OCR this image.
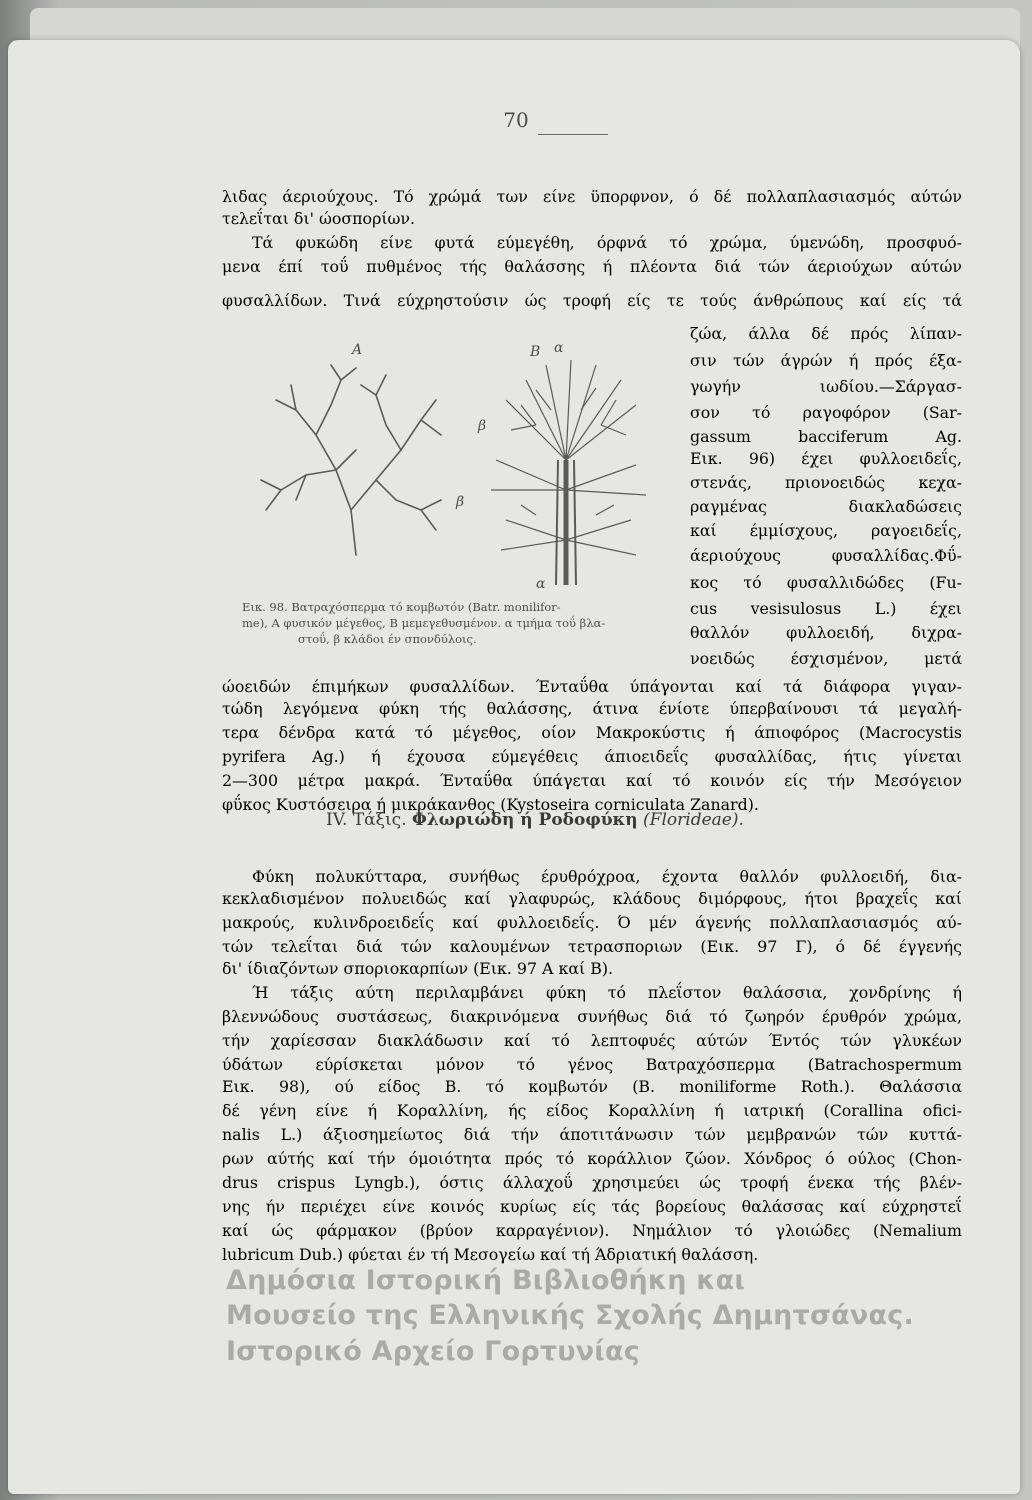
70
λιδας άεριούχους. Τό χρώμά των είνε ϋπορφνον, ό δέ πολλαπλασιασμός αύτών
τελεΐται δι' ώοσπορίων.
Τά φυκώδη είνε φυτά εύμεγέθη, όρφνά τό χρώμα, ύμενώδη, προσφυό-
μενα έπί τοΰ πυθμένος τής θαλάσσης ή πλέοντα διά τών άεριούχων αύτών
φυσαλλίδων. Τινά εύχρηστούσιν ώς τροφή είς τε τούς άνθρώπους καί είς τά
ζώα, άλλα δέ πρός λίπαν-
σιν τών άγρών ή πρός έξα-
γωγήν ιωδίου.—Σάργασ-
σον τό ραγοφόρον (Sar-
gassum bacciferum Ag.
Εικ. 96) έχει φυλλοειδεΐς,
στενάς, πριονοειδώς κεχα-
ραγμένας διακλαδώσεις
καί έμμίσχους, ραγοειδεΐς,
άεριούχους φυσαλλίδας.Φΰ-
κος τό φυσαλλιδώδες (Fu-
cus vesisulosus L.) έχει
θαλλόν φυλλοειδή, διχρα-
νοειδώς έσχισμένον, μετά
Α	Β α
β
β
α
Εικ. 98. Βατραχόσπερμα τό κομβωτόν (Batr. monilifor-
me), Α φυσικόν μέγεθος, Β μεμεγεθυσμένον. α τμήμα τοΰ βλα-
στοΰ, β κλάδοι έν σπονδύλοις.
ώοειδών έπιμήκων φυσαλλίδων. Ένταΰθα ύπάγονται καί τά διάφορα γιγαν-
τώδη λεγόμενα φύκη τής θαλάσσης, άτινα ένίοτε ύπερβαίνουσι τά μεγαλή-
τερα δένδρα κατά τό μέγεθος, οίον Μακροκύστις ή άπιοφόρος (Macrocystis
pyrifera Ag.) ή έχουσα εύμεγέθεις άπιοειδεΐς φυσαλλίδας, ήτις γίνεται
2—300 μέτρα μακρά. Ένταΰθα ύπάγεται καί τό κοινόν είς τήν Μεσόγειον
φΰκος Κυστόσειρα ή μικράκανθος (Kystoseira corniculata Zanard).
IV. Τάξις. Φλωριώδη ή Ροδοφύκη (Florideae).
Φύκη πολυκύτταρα, συνήθως έρυθρόχροα, έχοντα θαλλόν φυλλοειδή, δια-
κεκλαδισμένον πολυειδώς καί γλαφυρώς, κλάδους διμόρφους, ήτοι βραχεΐς καί
μακρούς, κυλινδροειδεΐς καί φυλλοειδεΐς. Ό μέν άγενής πολλαπλασιασμός αύ-
τών τελεΐται διά τών καλουμένων τετρασποριων (Εικ. 97 Γ), ό δέ έγγενής
δι' ίδιαζόντων σποριοκαρπίων (Εικ. 97 Α καί Β).
Ή τάξις αύτη περιλαμβάνει φύκη τό πλεΐστον θαλάσσια, χονδρίνης ή
βλεννώδους συστάσεως, διακρινόμενα συνήθως διά τό ζωηρόν έρυθρόν χρώμα,
τήν χαρίεσσαν διακλάδωσιν καί τό λεπτοφυές αύτών Έντός τών γλυκέων
ύδάτων εύρίσκεται μόνον τό γένος Βατραχόσπερμα (Batrachospermum
Εικ. 98), ού είδος Β. τό κομβωτόν (B. moniliforme Roth.). Θαλάσσια
δέ γένη είνε ή Κοραλλίνη, ής είδος Κοραλλίνη ή ιατρική (Corallina ofici-
nalis L.) άξιοσημείωτος διά τήν άποτιτάνωσιν τών μεμβρανών τών κυττά-
ρων αύτής καί τήν όμοιότητα πρός τό κοράλλιον ζώον. Χόνδρος ό ούλος (Chon-
drus crispus Lyngb.), όστις άλλαχοΰ χρησιμεύει ώς τροφή ένεκα τής βλέν-
νης ήν περιέχει είνε κοινός κυρίως είς τάς βορείους θαλάσσας καί εύχρηστεΐ
καί ώς φάρμακον (βρύον καρραγένιον). Νημάλιον τό γλοιώδες (Nemalium
lubricum Dub.) φύεται έν τή Μεσογείω καί τή Άδριατική θαλάσση.
Δημόσια Ιστορική Βιβλιοθήκη και
Μουσείο της Ελληνικής Σχολής Δημητσάνας.
Ιστορικό Αρχείο Γορτυνίας
